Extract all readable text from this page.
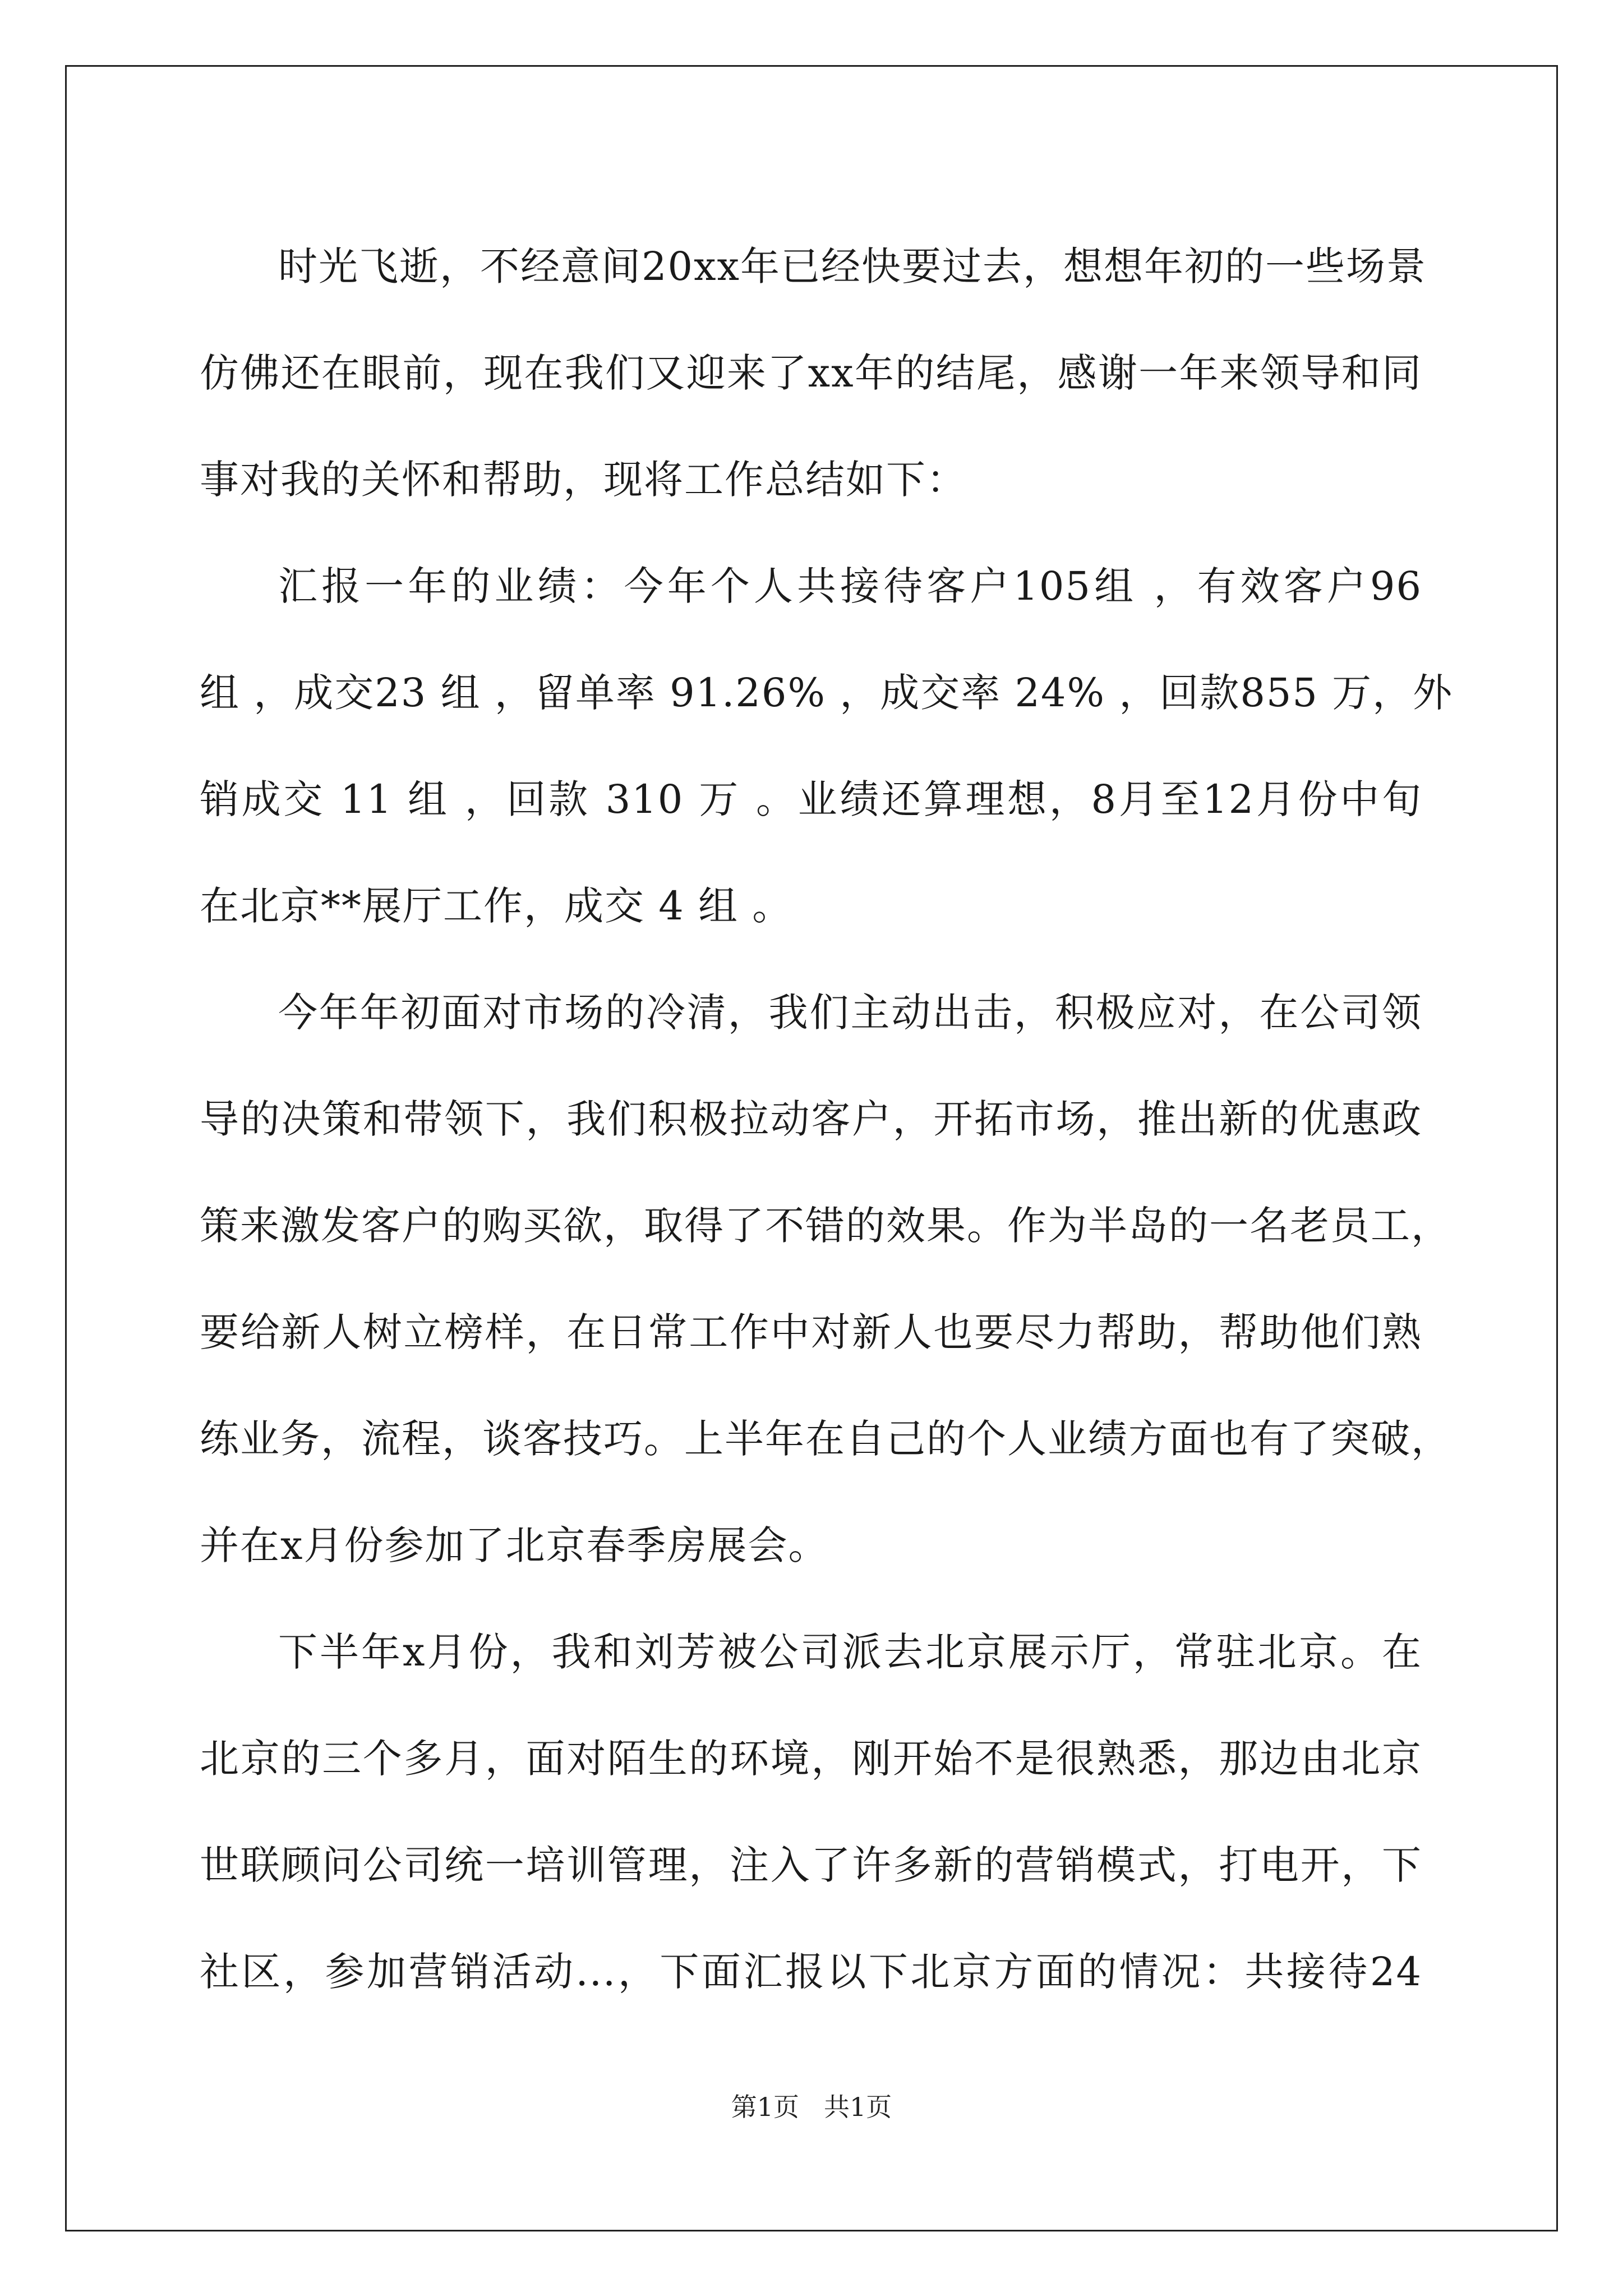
时光飞逝，不经意间20xx年已经快要过去，想想年初的一些场景
仿佛还在眼前，现在我们又迎来了xx年的结尾，感谢一年来领导和同
事对我的关怀和帮助，现将工作总结如下：

汇报一年的业绩：今年个人共接待客户105组 ，有效客户96
组 ，成交23 组 ，留单率 91.26% ，成交率 24% ，回款855 万，外
销成交 11 组 ，回款 310 万 。业绩还算理想，8月至12月份中旬
在北京**展厅工作，成交 4 组 。

今年年初面对市场的冷清，我们主动出击，积极应对，在公司领
导的决策和带领下，我们积极拉动客户，开拓市场，推出新的优惠政
策来激发客户的购买欲，取得了不错的效果。作为半岛的一名老员工，
要给新人树立榜样，在日常工作中对新人也要尽力帮助，帮助他们熟
练业务，流程，谈客技巧。上半年在自己的个人业绩方面也有了突破，
并在x月份参加了北京春季房展会。

下半年x月份，我和刘芳被公司派去北京展示厅，常驻北京。在
北京的三个多月，面对陌生的环境，刚开始不是很熟悉，那边由北京
世联顾问公司统一培训管理，注入了许多新的营销模式，打电开，下
社区，参加营销活动...，下面汇报以下北京方面的情况：共接待24

第1页 共1页
